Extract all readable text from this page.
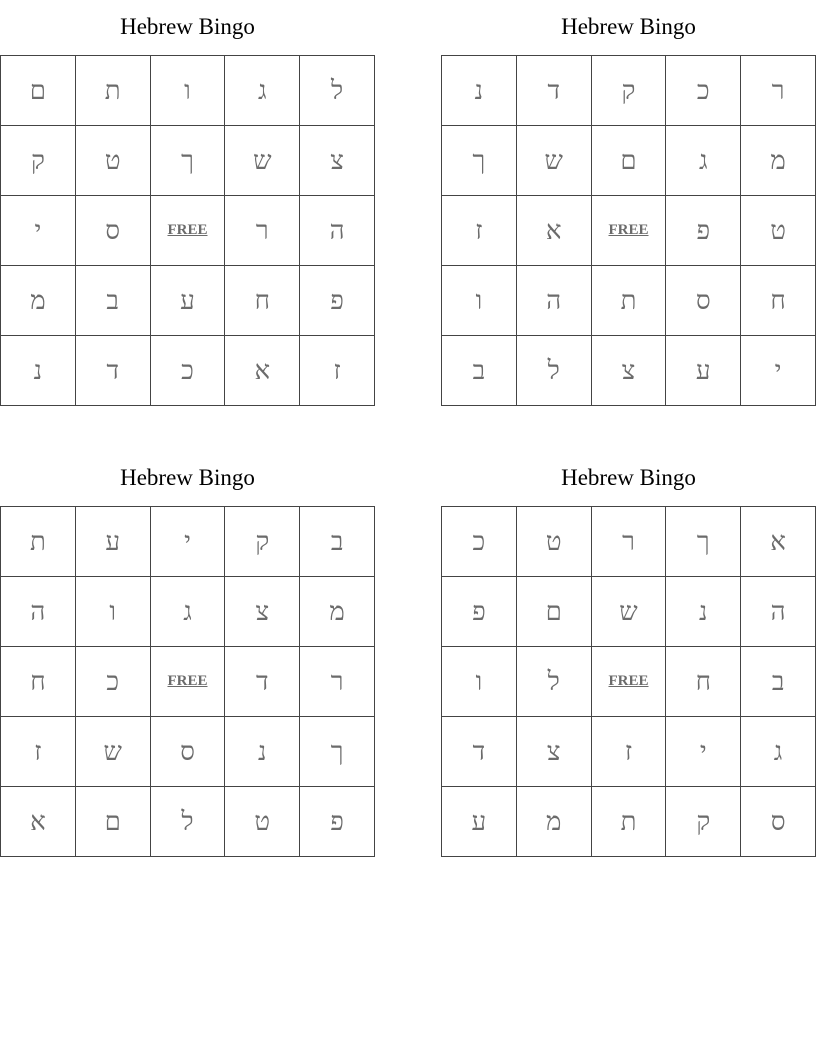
Hebrew Bingo
ם	ת	ו	ג	ל
ק	ט	ך	ש	צ
י	ס	FREE	ר	ה
מ	ב	ע	ח	פ
נ	ד	כ	א	ז
Hebrew Bingo
נ	ד	ק	כ	ר
ך	ש	ם	ג	מ
ז	א	FREE	פ	ט
ו	ה	ת	ס	ח
ב	ל	צ	ע	י
Hebrew Bingo
ת	ע	י	ק	ב
ה	ו	ג	צ	מ
ח	כ	FREE	ד	ר
ז	ש	ס	נ	ך
א	ם	ל	ט	פ
Hebrew Bingo
כ	ט	ר	ך	א
פ	ם	ש	נ	ה
ו	ל	FREE	ח	ב
ד	צ	ז	י	ג
ע	מ	ת	ק	ס
